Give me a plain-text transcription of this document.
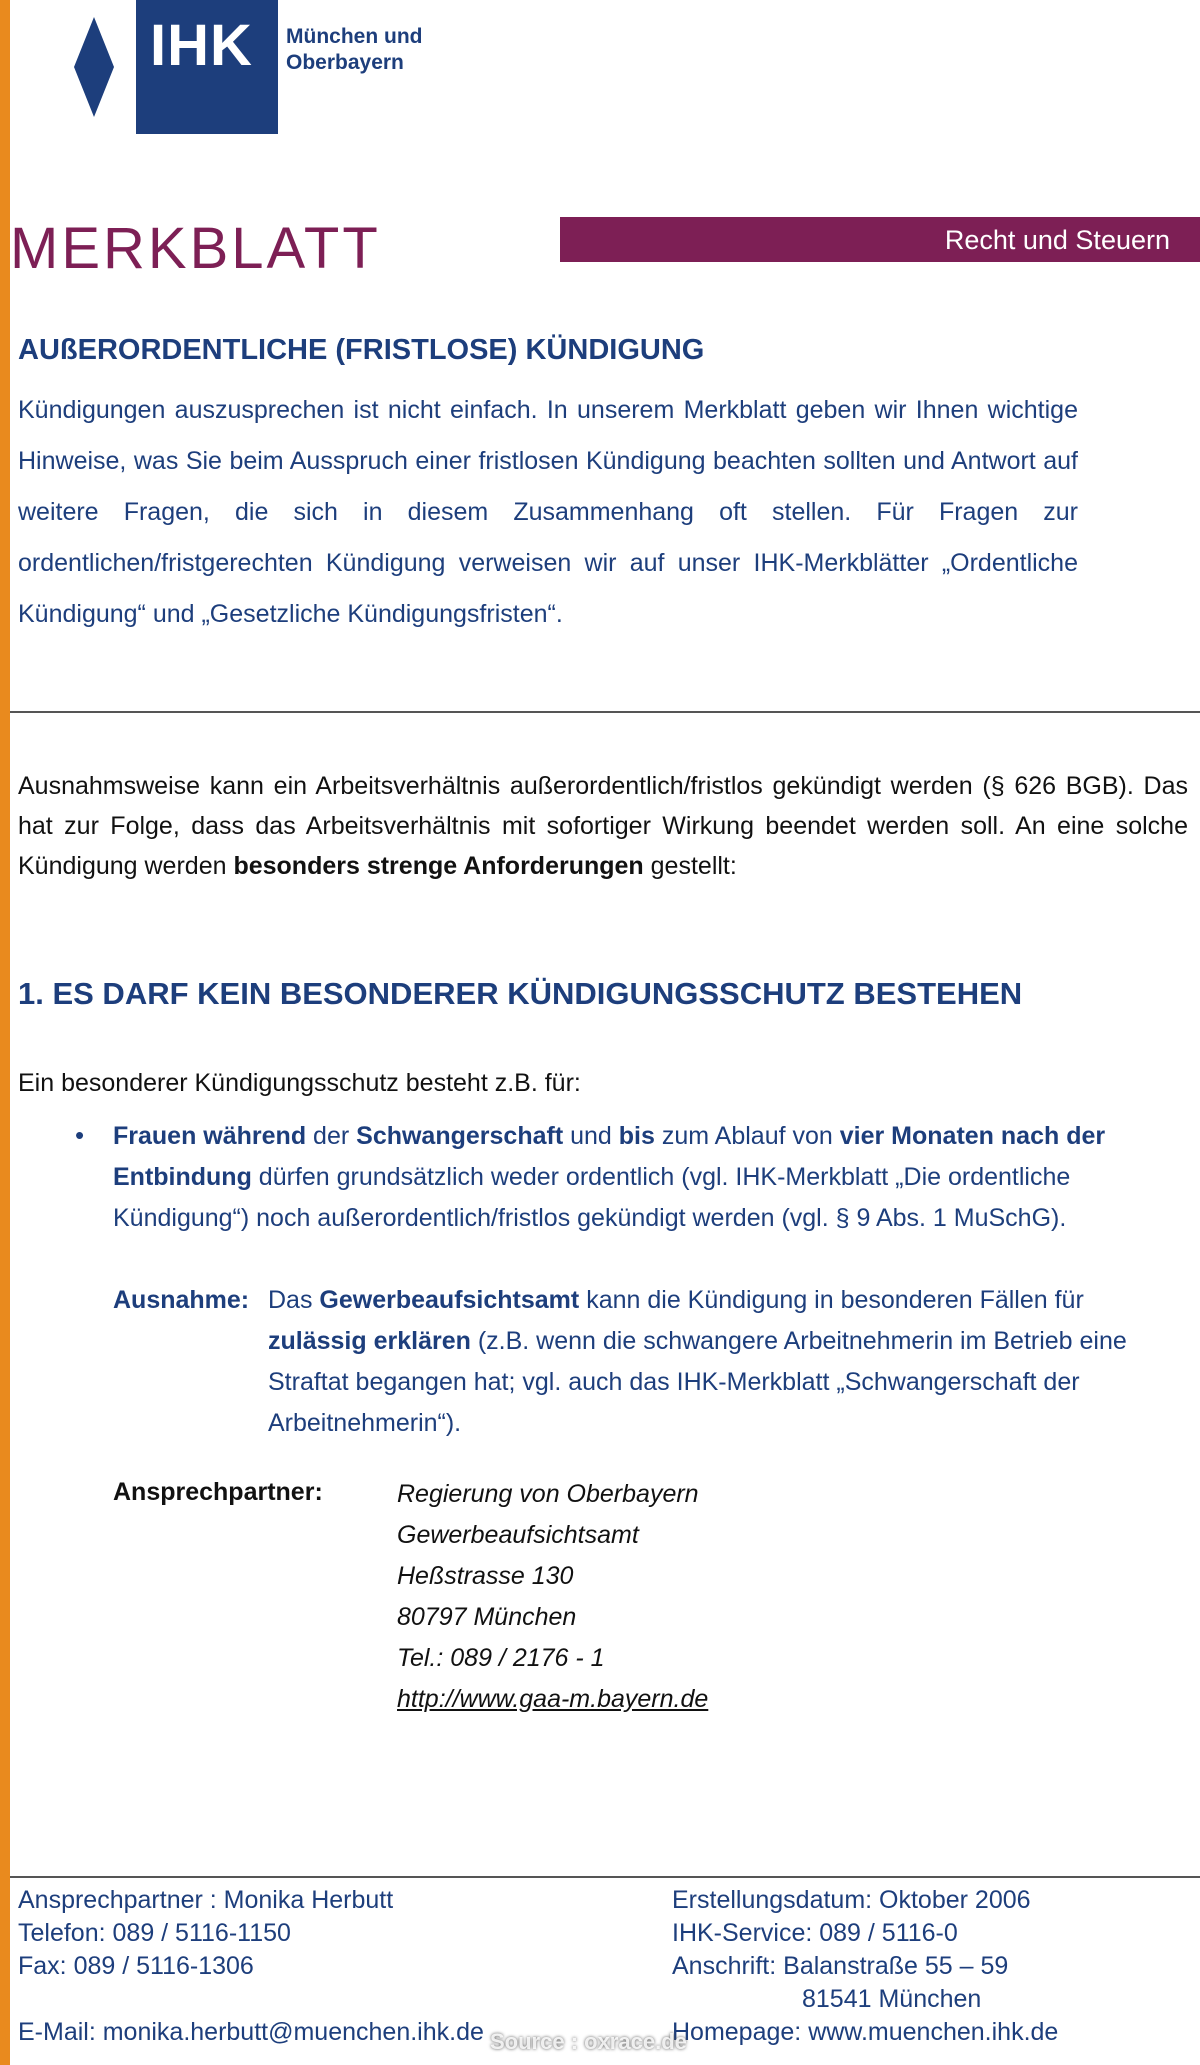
IHK München und
Oberbayern
MERKBLATT	Recht und Steuern
AUßERORDENTLICHE (FRISTLOSE) KÜNDIGUNG

Kündigungen auszusprechen ist nicht einfach. In unserem Merkblatt geben wir Ihnen wichtige Hinweise, was Sie beim Ausspruch einer fristlosen Kündigung beachten sollten und Antwort auf weitere Fragen, die sich in diesem Zusammenhang oft stellen. Für Fragen zur ordentlichen/fristgerechten Kündigung verweisen wir auf unser IHK-Merkblätter „Ordentliche Kündigung“ und „Gesetzliche Kündigungsfristen“.

Ausnahmsweise kann ein Arbeitsverhältnis außerordentlich/fristlos gekündigt werden (§ 626 BGB). Das hat zur Folge, dass das Arbeitsverhältnis mit sofortiger Wirkung beendet werden soll. An eine solche Kündigung werden besonders strenge Anforderungen gestellt:

1. ES DARF KEIN BESONDERER KÜNDIGUNGSSCHUTZ BESTEHEN

Ein besonderer Kündigungsschutz besteht z.B. für:

• Frauen während der Schwangerschaft und bis zum Ablauf von vier Monaten nach der Entbindung dürfen grundsätzlich weder ordentlich (vgl. IHK-Merkblatt „Die ordentliche Kündigung“) noch außerordentlich/fristlos gekündigt werden (vgl. § 9 Abs. 1 MuSchG).

Ausnahme: Das Gewerbeaufsichtsamt kann die Kündigung in besonderen Fällen für zulässig erklären (z.B. wenn die schwangere Arbeitnehmerin im Betrieb eine Straftat begangen hat; vgl. auch das IHK-Merkblatt „Schwangerschaft der Arbeitnehmerin“).

Ansprechpartner:	Regierung von Oberbayern
Gewerbeaufsichtsamt
Heßstrasse 130
80797 München
Tel.: 089 / 2176 - 1
http://www.gaa-m.bayern.de
Ansprechpartner : Monika Herbutt
Telefon: 089 / 5116-1150
Fax: 089 / 5116-1306
E-Mail: monika.herbutt@muenchen.ihk.de
Erstellungsdatum: Oktober 2006
IHK-Service: 089 / 5116-0
Anschrift: Balanstraße 55 – 59
81541 München
Homepage: www.muenchen.ihk.de
Source : oxrace.de
